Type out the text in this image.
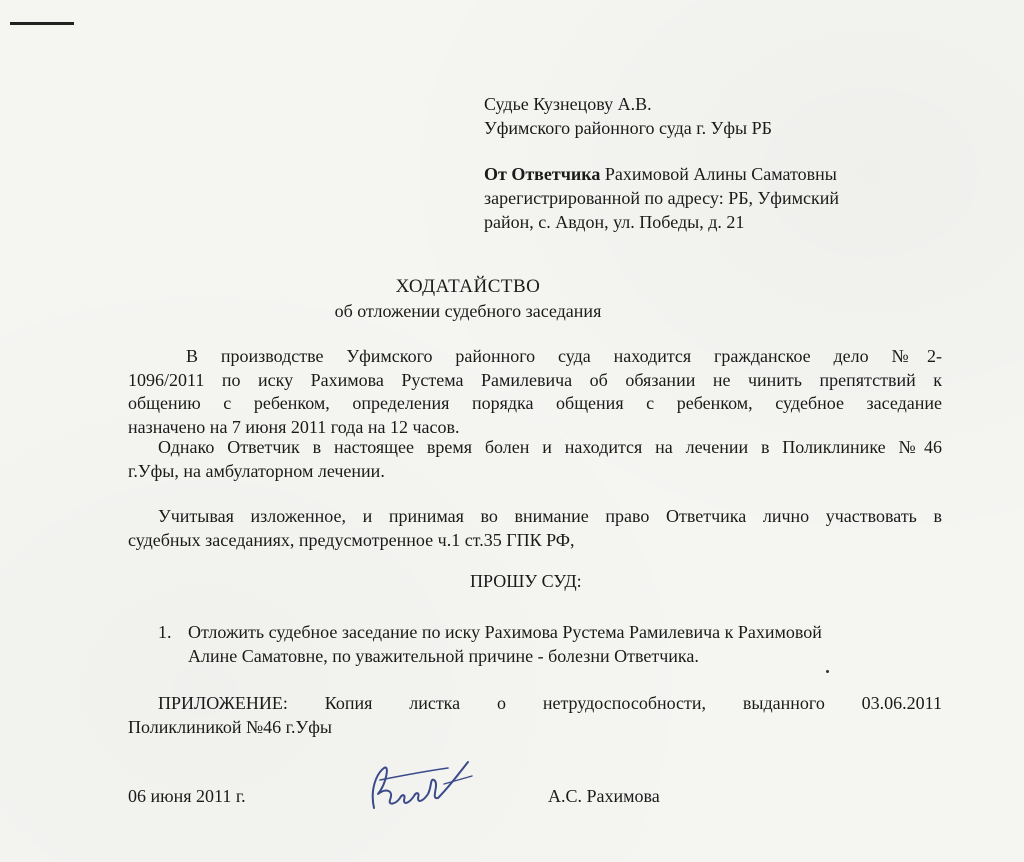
Судье Кузнецову А.В.
Уфимского районного суда г. Уфы РБ
От Ответчика Рахимовой Алины Саматовны
зарегистрированной по адресу: РБ, Уфимский
район, с. Авдон, ул. Победы, д. 21
ХОДАТАЙСТВО
об отложении судебного заседания
В производстве Уфимского районного суда находится гражданское дело №2-
1096/2011 по иску Рахимова Рустема Рамилевича об обязании не чинить препятствий к
общению с ребенком, определения порядка общения с ребенком, судебное заседание
назначено на 7 июня 2011 года на 12 часов.
Однако Ответчик в настоящее время болен и находится на лечении в Поликлинике №46
г.Уфы, на амбулаторном лечении.
Учитывая изложенное, и принимая во внимание право Ответчика лично участвовать в
судебных заседаниях, предусмотренное ч.1 ст.35 ГПК РФ,
ПРОШУ СУД:
1. Отложить судебное заседание по иску Рахимова Рустема Рамилевича к Рахимовой
Алине Саматовне, по уважительной причине - болезни Ответчика.
ПРИЛОЖЕНИЕ: Копия листка о нетрудоспособности, выданного 03.06.2011
Поликлиникой №46 г.Уфы
06 июня 2011 г.	А.С. Рахимова
